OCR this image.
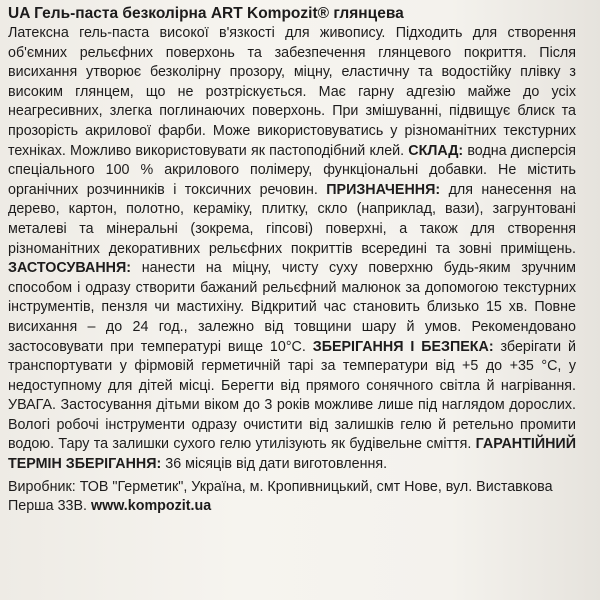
UA Гель-паста безколірна ART Kompozit® глянцева

Латексна гель-паста високої в'язкості для живопису. Підходить для створення об'ємних рельєфних поверхонь та забезпечення глянцевого покриття. Після висихання утворює безколірну прозору, міцну, еластичну та водостійку плівку з високим глянцем, що не розтріскується. Має гарну адгезію майже до усіх неагресивних, злегка поглинаючих поверхонь. При змішуванні, підвищує блиск та прозорість акрилової фарби. Може використовуватись у різноманітних текстурних техніках. Можливо використовувати як пастоподібний клей. СКЛАД: водна дисперсія спеціального 100 % акрилового полімеру, функціональні добавки. Не містить органічних розчинників і токсичних речовин. ПРИЗНАЧЕННЯ: для нанесення на дерево, картон, полотно, кераміку, плитку, скло (наприклад, вази), загрунтовані металеві та мінеральні (зокрема, гіпсові) поверхні, а також для створення різноманітних декоративних рельєфних покриттів всередині та зовні приміщень. ЗАСТОСУВАННЯ: нанести на міцну, чисту суху поверхню будь-яким зручним способом і одразу створити бажаний рельєфний малюнок за допомогою текстурних інструментів, пензля чи мастихіну. Відкритий час становить близько 15 хв. Повне висихання – до 24 год., залежно від товщини шару й умов. Рекомендовано застосовувати при температурі вище 10°С. ЗБЕРІГАННЯ І БЕЗПЕКА: зберігати й транспортувати у фірмовій герметичній тарі за температури від +5 до +35 °С, у недоступному для дітей місці. Берегти від прямого сонячного світла й нагрівання. УВАГА. Застосування дітьми віком до 3 років можливе лише під наглядом дорослих. Вологі робочі інструменти одразу очистити від залишків гелю й ретельно промити водою. Тару та залишки сухого гелю утилізують як будівельне сміття. ГАРАНТІЙНИЙ ТЕРМІН ЗБЕРІГАННЯ: 36 місяців від дати виготовлення.

Виробник: ТОВ "Герметик", Україна, м. Кропивницький, смт Нове, вул. Виставкова Перша 33В. www.kompozit.ua
